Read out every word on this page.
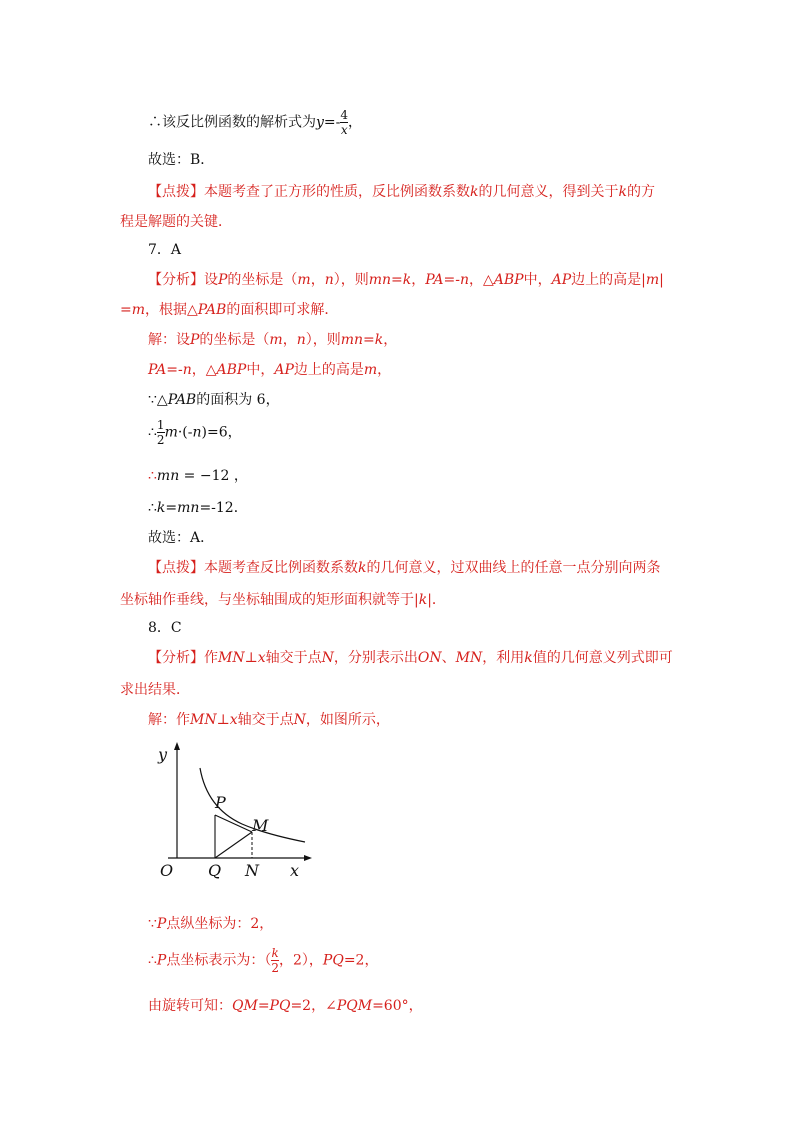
∴该反比例函数的解析式为$y=- \frac{4}{x}$ ，
故选：B．
【点拨】本题考查了正方形的性质，反比例函数系数k的几何意义，得到关于k的方
程是解题的关键．
7．A
【分析】设P的坐标是（m，n），则mn=k，PA=-n，△ABP中，AP边上的高是|m|
=m，根据△PAB的面积即可求解．
解：设P的坐标是（m，n），则mn=k，
PA=-n，△ABP中，AP边上的高是m，
∵△PAB的面积为 6，
∴ $\frac{1}{2} m\cdot(-n)=6$，
∴mn = −12 ，
∴k=mn=-12．
故选：A．
【点拨】本题考查反比例函数系数k的几何意义，过双曲线上的任意一点分别向两条
坐标轴作垂线，与坐标轴围成的矩形面积就等于|k|．
8．C
【分析】作MN⊥x轴交于点N，分别表示出ON、MN，利用k值的几何意义列式即可
求出结果．
解：作MN⊥x轴交于点N，如图所示，
y
x
O Q N
P
M
∵P点纵坐标为：2，
∴P点坐标表示为：（ $\frac{k}{2}$ ，2），PQ=2，
由旋转可知：QM=PQ=2，∠PQM=60°，
